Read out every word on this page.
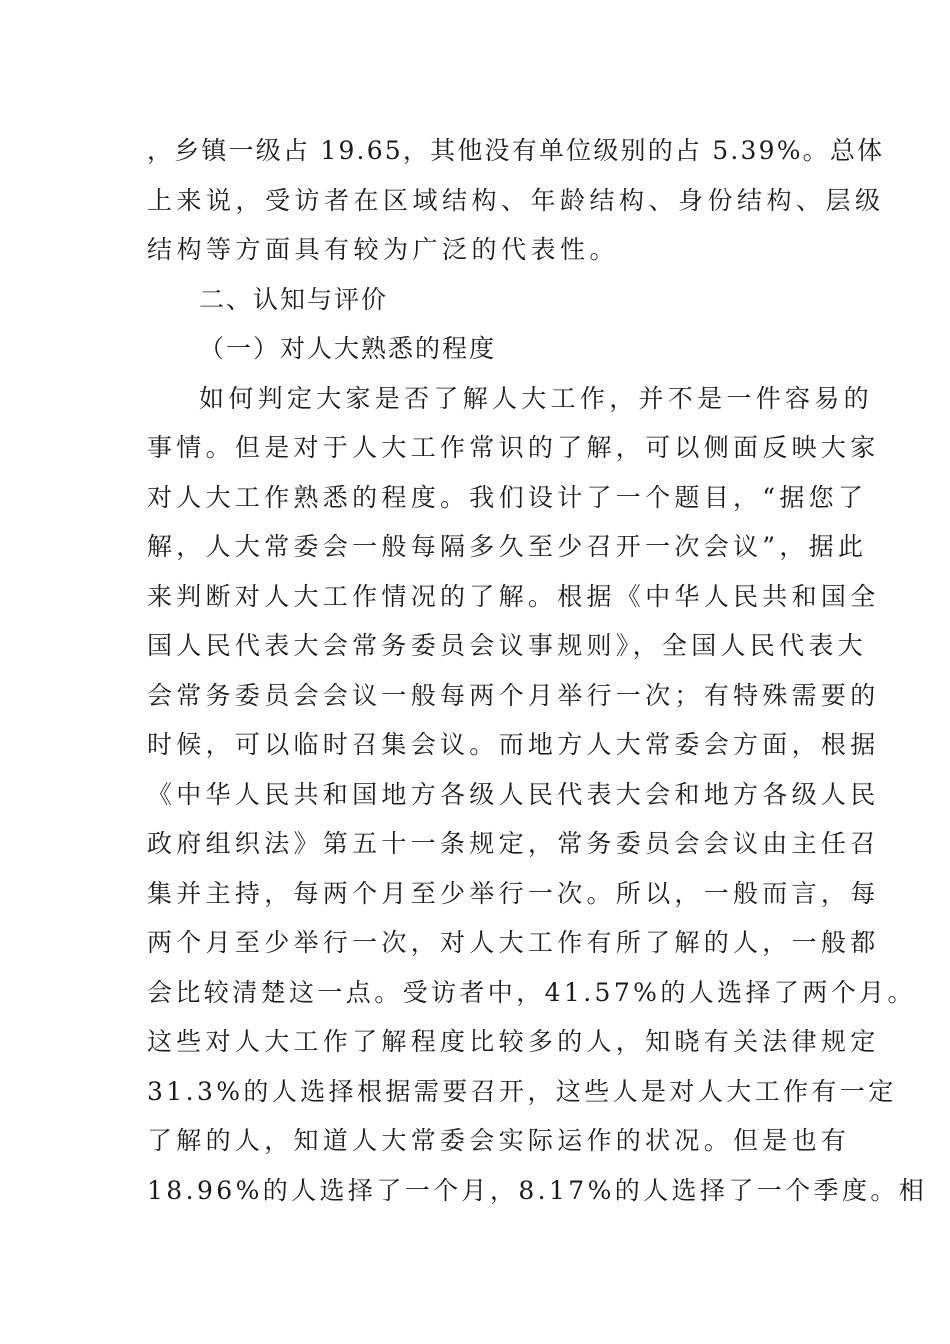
，乡镇一级占 19.65，其他没有单位级别的占 5.39%。总体
上来说，受访者在区域结构、年龄结构、身份结构、层级
结构等方面具有较为广泛的代表性。
二、认知与评价
（一）对人大熟悉的程度
如何判定大家是否了解人大工作，并不是一件容易的
事情。但是对于人大工作常识的了解，可以侧面反映大家
对人大工作熟悉的程度。我们设计了一个题目，“据您了
解，人大常委会一般每隔多久至少召开一次会议”，据此
来判断对人大工作情况的了解。根据《中华人民共和国全
国人民代表大会常务委员会议事规则》，全国人民代表大
会常务委员会会议一般每两个月举行一次；有特殊需要的
时候，可以临时召集会议。而地方人大常委会方面，根据
《中华人民共和国地方各级人民代表大会和地方各级人民
政府组织法》第五十一条规定，常务委员会会议由主任召
集并主持，每两个月至少举行一次。所以，一般而言，每
两个月至少举行一次，对人大工作有所了解的人，一般都
会比较清楚这一点。受访者中，41.57%的人选择了两个月。
这些对人大工作了解程度比较多的人，知晓有关法律规定
31.3%的人选择根据需要召开，这些人是对人大工作有一定
了解的人，知道人大常委会实际运作的状况。但是也有
18.96%的人选择了一个月，8.17%的人选择了一个季度。相
